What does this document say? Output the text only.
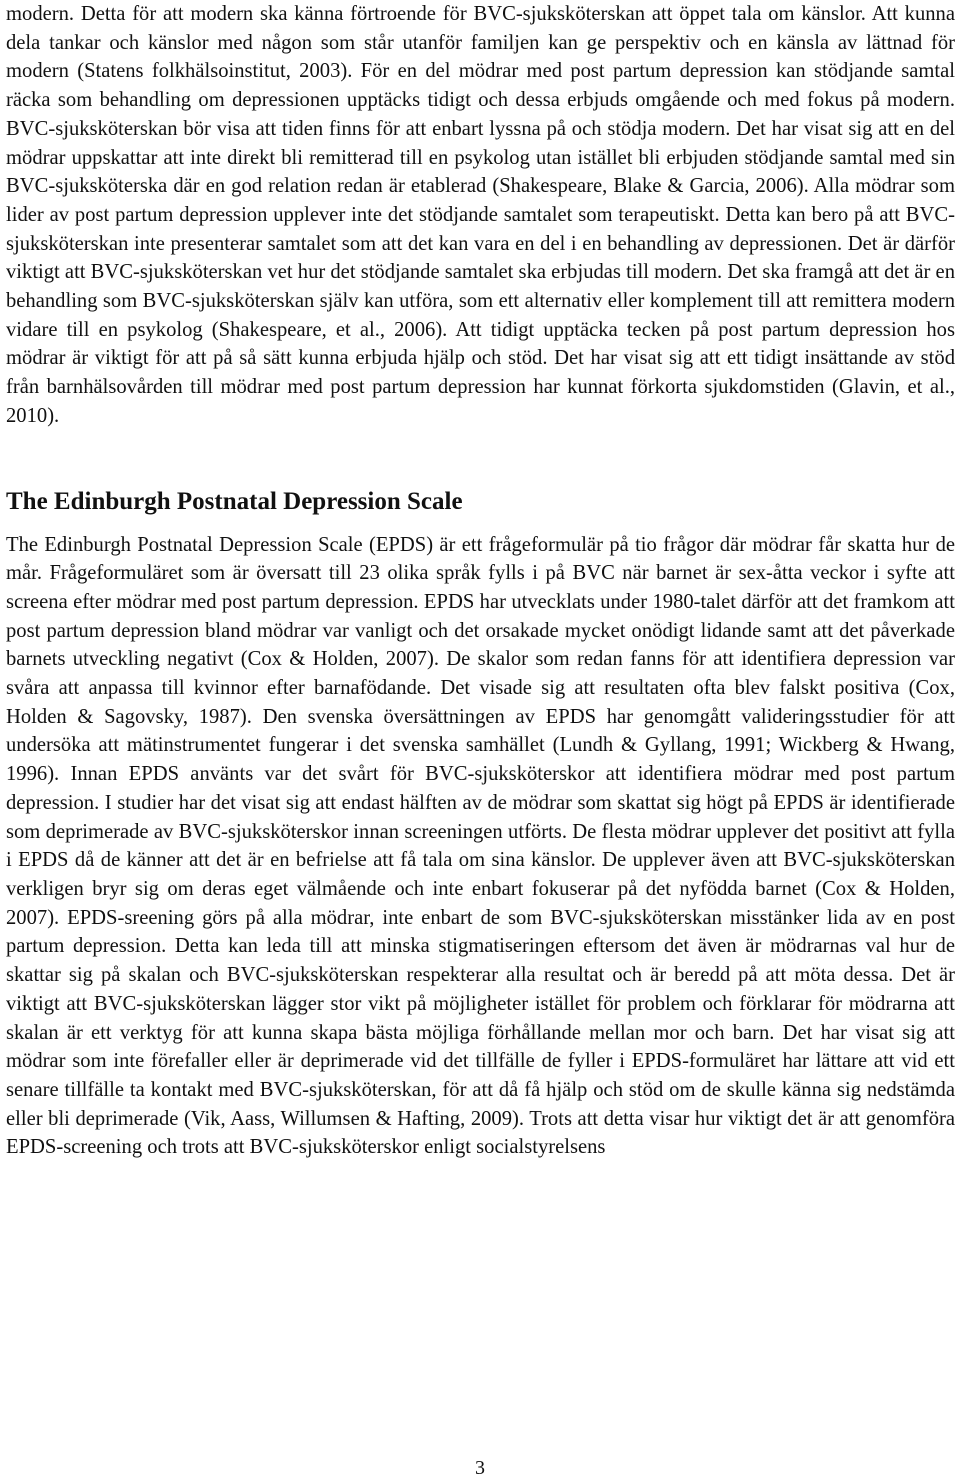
modern. Detta för att modern ska känna förtroende för BVC-sjuksköterskan att öppet tala om känslor. Att kunna dela tankar och känslor med någon som står utanför familjen kan ge perspektiv och en känsla av lättnad för modern (Statens folkhälsoinstitut, 2003). För en del mödrar med post partum depression kan stödjande samtal räcka som behandling om depressionen upptäcks tidigt och dessa erbjuds omgående och med fokus på modern. BVC-sjuksköterskan bör visa att tiden finns för att enbart lyssna på och stödja modern. Det har visat sig att en del mödrar uppskattar att inte direkt bli remitterad till en psykolog utan istället bli erbjuden stödjande samtal med sin BVC-sjuksköterska där en god relation redan är etablerad (Shakespeare, Blake & Garcia, 2006). Alla mödrar som lider av post partum depression upplever inte det stödjande samtalet som terapeutiskt. Detta kan bero på att BVC-sjuksköterskan inte presenterar samtalet som att det kan vara en del i en behandling av depressionen. Det är därför viktigt att BVC-sjuksköterskan vet hur det stödjande samtalet ska erbjudas till modern. Det ska framgå att det är en behandling som BVC-sjuksköterskan själv kan utföra, som ett alternativ eller komplement till att remittera modern vidare till en psykolog (Shakespeare, et al., 2006). Att tidigt upptäcka tecken på post partum depression hos mödrar är viktigt för att på så sätt kunna erbjuda hjälp och stöd. Det har visat sig att ett tidigt insättande av stöd från barnhälsovården till mödrar med post partum depression har kunnat förkorta sjukdomstiden (Glavin, et al., 2010).

The Edinburgh Postnatal Depression Scale

The Edinburgh Postnatal Depression Scale (EPDS) är ett frågeformulär på tio frågor där mödrar får skatta hur de mår. Frågeformuläret som är översatt till 23 olika språk fylls i på BVC när barnet är sex-åtta veckor i syfte att screena efter mödrar med post partum depression. EPDS har utvecklats under 1980-talet därför att det framkom att post partum depression bland mödrar var vanligt och det orsakade mycket onödigt lidande samt att det påverkade barnets utveckling negativt (Cox & Holden, 2007). De skalor som redan fanns för att identifiera depression var svåra att anpassa till kvinnor efter barnafödande. Det visade sig att resultaten ofta blev falskt positiva (Cox, Holden & Sagovsky, 1987). Den svenska översättningen av EPDS har genomgått valideringsstudier för att undersöka att mätinstrumentet fungerar i det svenska samhället (Lundh & Gyllang, 1991; Wickberg & Hwang, 1996). Innan EPDS använts var det svårt för BVC-sjuksköterskor att identifiera mödrar med post partum depression. I studier har det visat sig att endast hälften av de mödrar som skattat sig högt på EPDS är identifierade som deprimerade av BVC-sjuksköterskor innan screeningen utförts. De flesta mödrar upplever det positivt att fylla i EPDS då de känner att det är en befrielse att få tala om sina känslor. De upplever även att BVC-sjuksköterskan verkligen bryr sig om deras eget välmående och inte enbart fokuserar på det nyfödda barnet (Cox & Holden, 2007). EPDS-sreening görs på alla mödrar, inte enbart de som BVC-sjuksköterskan misstänker lida av en post partum depression. Detta kan leda till att minska stigmatiseringen eftersom det även är mödrarnas val hur de skattar sig på skalan och BVC-sjuksköterskan respekterar alla resultat och är beredd på att möta dessa. Det är viktigt att BVC-sjuksköterskan lägger stor vikt på möjligheter istället för problem och förklarar för mödrarna att skalan är ett verktyg för att kunna skapa bästa möjliga förhållande mellan mor och barn. Det har visat sig att mödrar som inte förefaller eller är deprimerade vid det tillfälle de fyller i EPDS-formuläret har lättare att vid ett senare tillfälle ta kontakt med BVC-sjuksköterskan, för att då få hjälp och stöd om de skulle känna sig nedstämda eller bli deprimerade (Vik, Aass, Willumsen & Hafting, 2009). Trots att detta visar hur viktigt det är att genomföra EPDS-screening och trots att BVC-sjuksköterskor enligt socialstyrelsens

3
